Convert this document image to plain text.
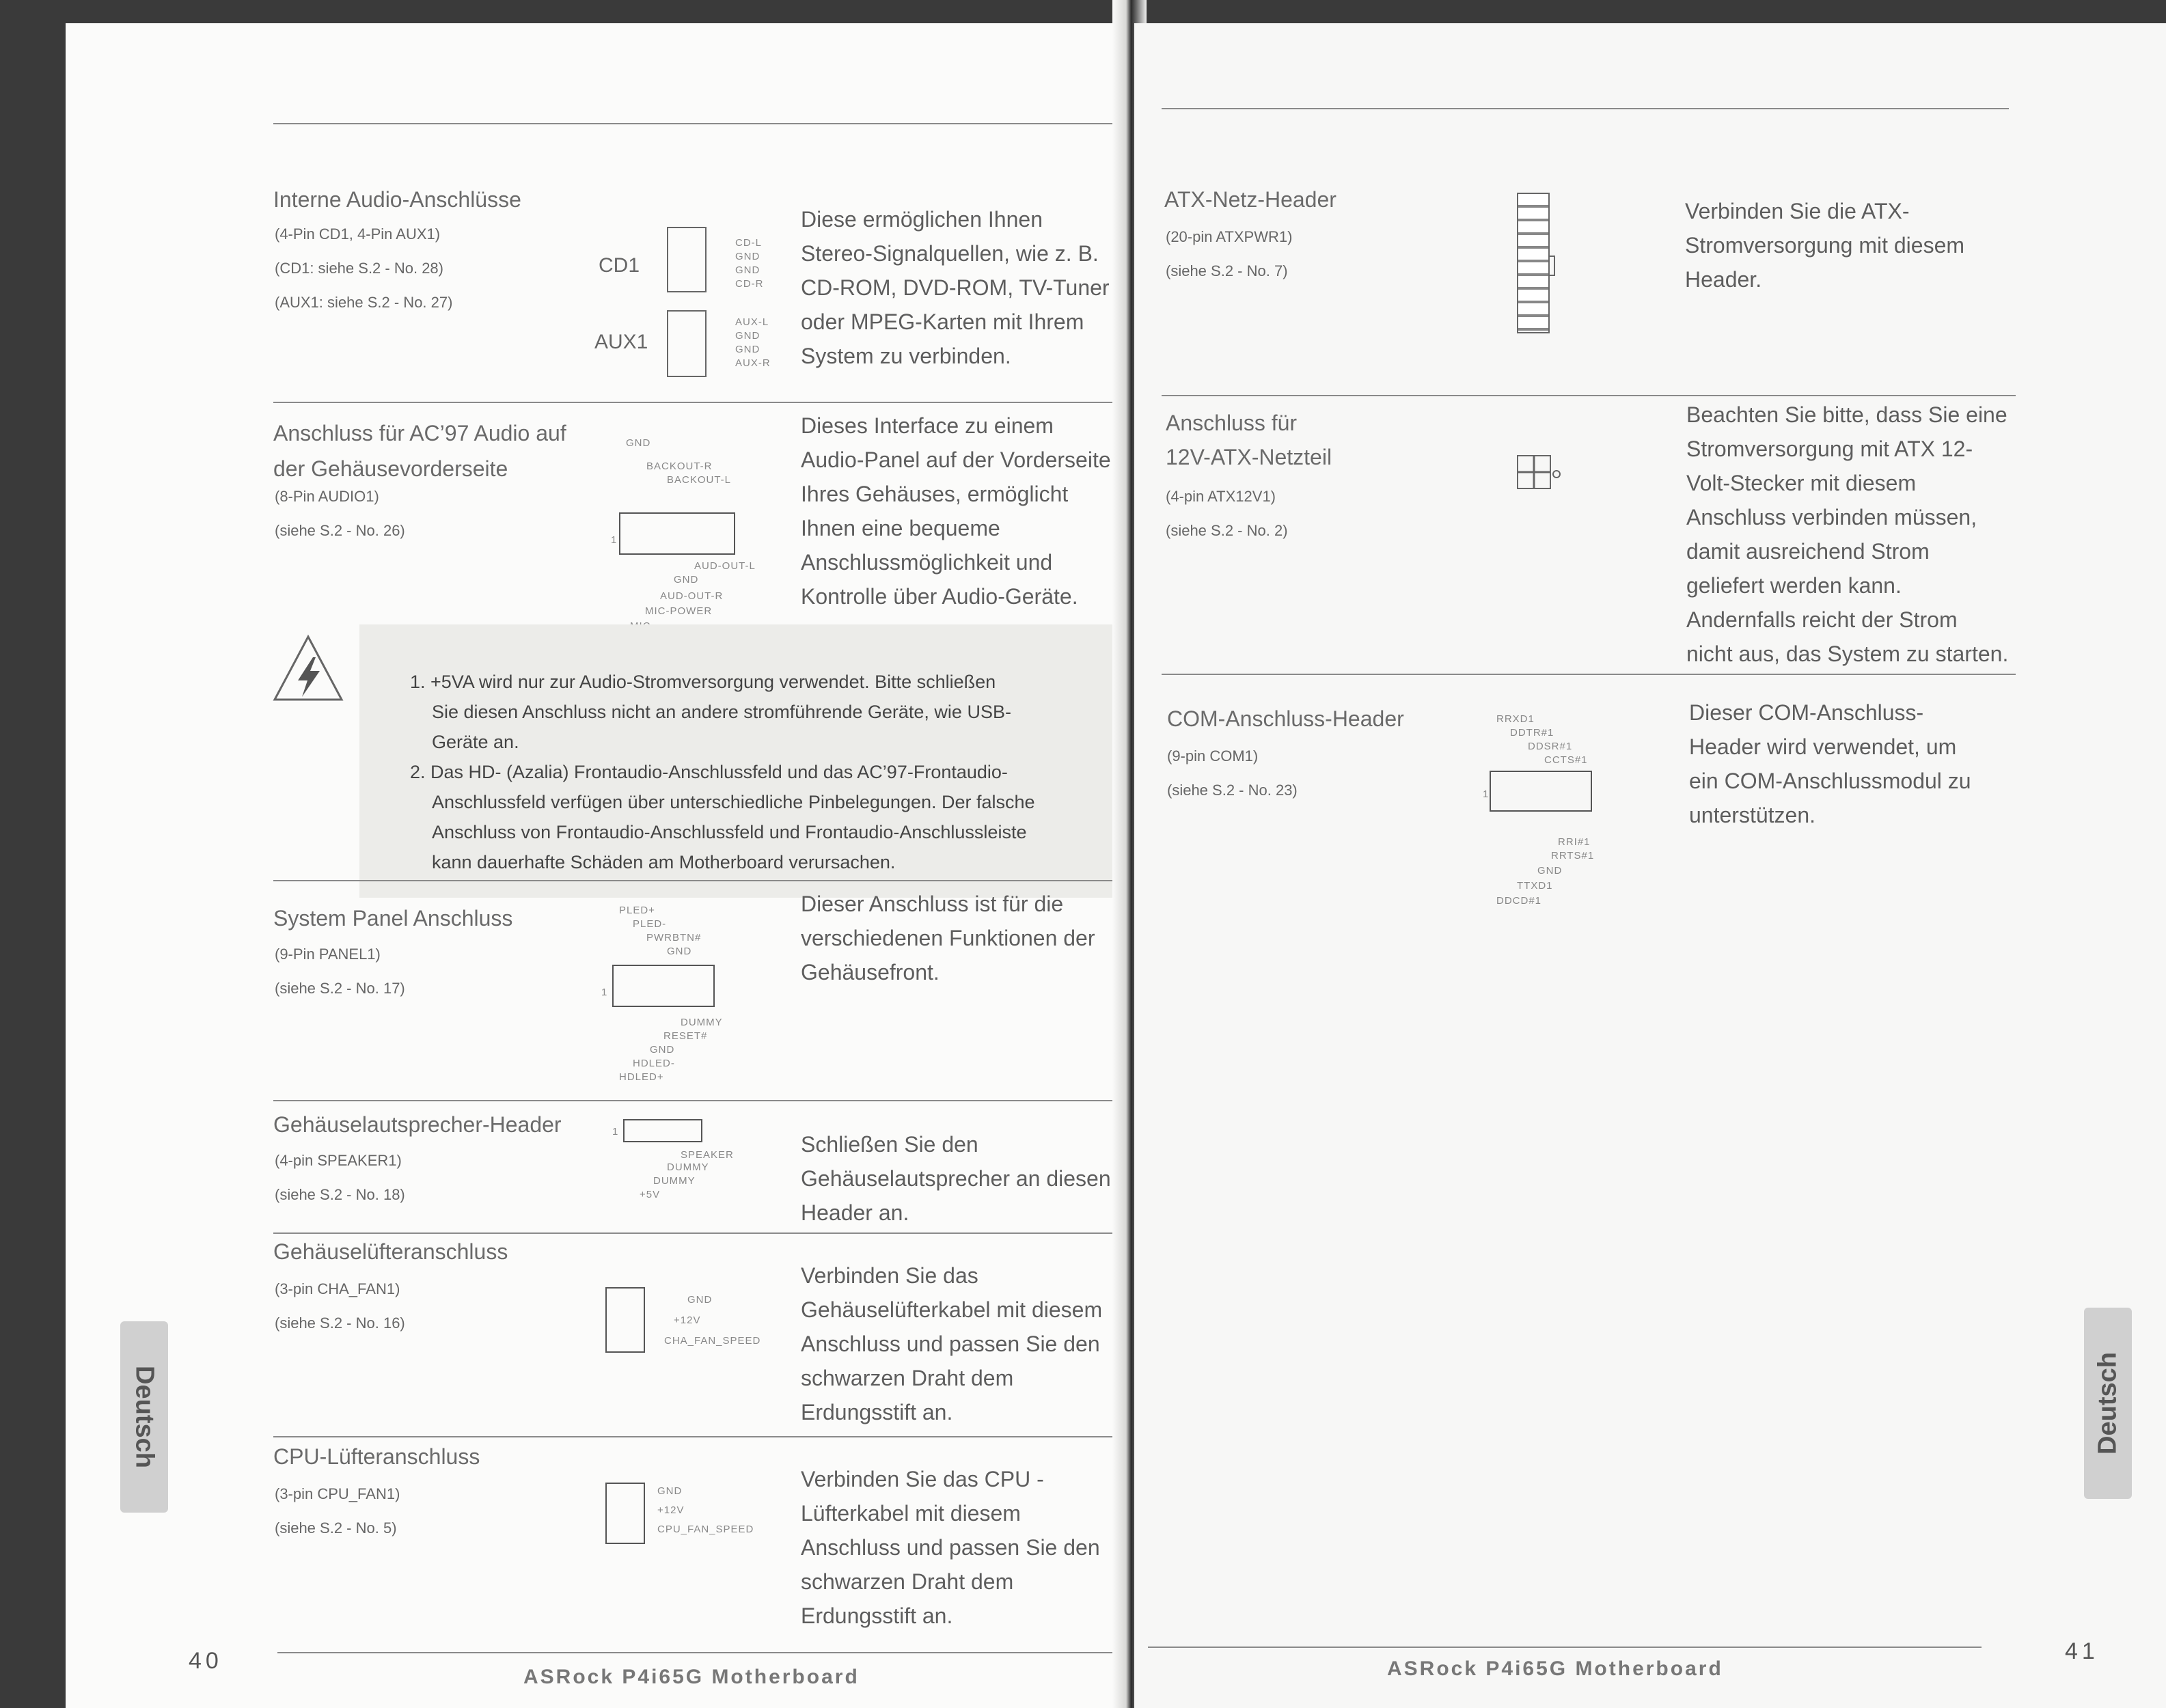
Interne Audio-Anschlüsse
(4-Pin CD1, 4-Pin AUX1)
(CD1: siehe S.2 - No. 28)
(AUX1: siehe S.2 - No. 27)
CD1
CD-L
GND
GND
CD-R
AUX1
AUX-L
GND
GND
AUX-R
Diese ermöglichen Ihnen
Stereo-Signalquellen, wie z. B.
CD-ROM, DVD-ROM, TV-Tuner
oder MPEG-Karten mit Ihrem
System zu verbinden.
Anschluss für AC’97 Audio auf
der Gehäusevorderseite
(8-Pin AUDIO1)
(siehe S.2 - No. 26)
GND
BACKOUT-R
BACKOUT-L
1
AUD-OUT-L
GND
AUD-OUT-R
MIC-POWER
Dieses Interface zu einem
Audio-Panel auf der Vorderseite
Ihres Gehäuses, ermöglicht
Ihnen eine bequeme
Anschlussmöglichkeit und
Kontrolle über Audio-Geräte.
1. +5VA wird nur zur Audio-Stromversorgung verwendet. Bitte schließen
Sie diesen Anschluss nicht an andere stromführende Geräte, wie USB-
Geräte an.
2. Das HD- (Azalia) Frontaudio-Anschlussfeld und das AC’97-Frontaudio-
Anschlussfeld verfügen über unterschiedliche Pinbelegungen. Der falsche
Anschluss von Frontaudio-Anschlussfeld und Frontaudio-Anschlussleiste
kann dauerhafte Schäden am Motherboard verursachen.
System Panel Anschluss
(9-Pin PANEL1)
(siehe S.2 - No. 17)
PLED+
PLED-
PWRBTN#
GND
1
DUMMY
RESET#
GND
HDLED-
HDLED+
Dieser Anschluss ist für die
verschiedenen Funktionen der
Gehäusefront.
Gehäuselautsprecher-Header
(4-pin SPEAKER1)
(siehe S.2 - No. 18)
1
SPEAKER
DUMMY
DUMMY
+5V
Schließen Sie den
Gehäuselautsprecher an diesen
Header an.
Gehäuselüfteranschluss
(3-pin CHA_FAN1)
(siehe S.2 - No. 16)
GND
+12V
CHA_FAN_SPEED
Verbinden Sie das
Gehäuselüfterkabel mit diesem
Anschluss und passen Sie den
schwarzen Draht dem
Erdungsstift an.
CPU-Lüfteranschluss
(3-pin CPU_FAN1)
(siehe S.2 - No. 5)
GND
+12V
CPU_FAN_SPEED
Verbinden Sie das CPU -
Lüfterkabel mit diesem
Anschluss und passen Sie den
schwarzen Draht dem
Erdungsstift an.
Deutsch
40
ASRock P4i65G Motherboard
ATX-Netz-Header
(20-pin ATXPWR1)
(siehe S.2 - No. 7)
Verbinden Sie die ATX-
Stromversorgung mit diesem
Header.
Anschluss für
12V-ATX-Netzteil
(4-pin ATX12V1)
(siehe S.2 - No. 2)
Beachten Sie bitte, dass Sie eine
Stromversorgung mit ATX 12-
Volt-Stecker mit diesem
Anschluss verbinden müssen,
damit ausreichend Strom
geliefert werden kann.
Andernfalls reicht der Strom
nicht aus, das System zu starten.
COM-Anschluss-Header
(9-pin COM1)
(siehe S.2 - No. 23)
RRXD1
DDTR#1
DDSR#1
CCTS#1
1
RRI#1
RRTS#1
GND
TTXD1
DDCD#1
Dieser COM-Anschluss-
Header wird verwendet, um
ein COM-Anschlussmodul zu
unterstützen.
Deutsch
41
ASRock P4i65G Motherboard
